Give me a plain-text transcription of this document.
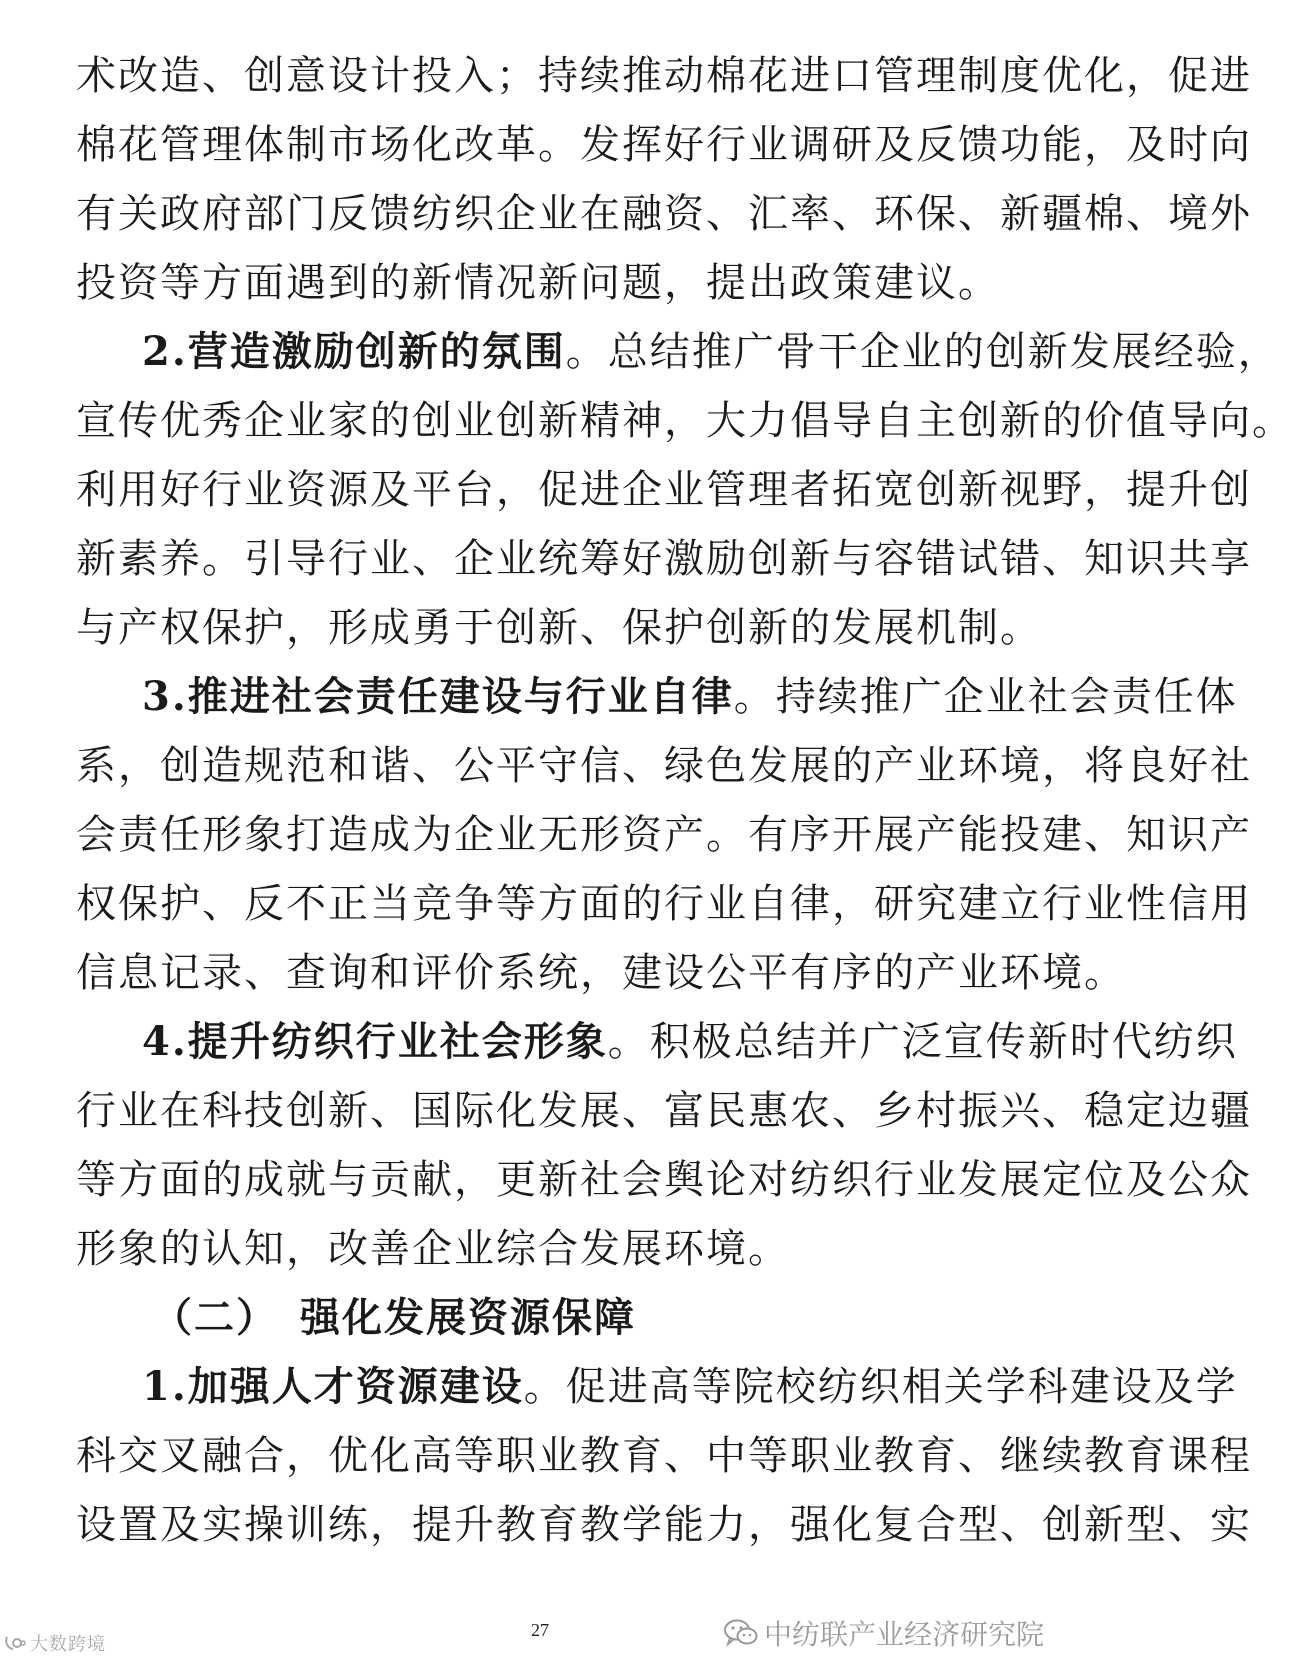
术改造、创意设计投入；持续推动棉花进口管理制度优化，促进
棉花管理体制市场化改革。发挥好行业调研及反馈功能，及时向
有关政府部门反馈纺织企业在融资、汇率、环保、新疆棉、境外
投资等方面遇到的新情况新问题，提出政策建议。
2.营造激励创新的氛围。总结推广骨干企业的创新发展经验，
宣传优秀企业家的创业创新精神，大力倡导自主创新的价值导向。
利用好行业资源及平台，促进企业管理者拓宽创新视野，提升创
新素养。引导行业、企业统筹好激励创新与容错试错、知识共享
与产权保护，形成勇于创新、保护创新的发展机制。
3.推进社会责任建设与行业自律。持续推广企业社会责任体
系，创造规范和谐、公平守信、绿色发展的产业环境，将良好社
会责任形象打造成为企业无形资产。有序开展产能投建、知识产
权保护、反不正当竞争等方面的行业自律，研究建立行业性信用
信息记录、查询和评价系统，建设公平有序的产业环境。
4.提升纺织行业社会形象。积极总结并广泛宣传新时代纺织
行业在科技创新、国际化发展、富民惠农、乡村振兴、稳定边疆
等方面的成就与贡献，更新社会舆论对纺织行业发展定位及公众
形象的认知，改善企业综合发展环境。
（二） 强化发展资源保障
1.加强人才资源建设。促进高等院校纺织相关学科建设及学
科交叉融合，优化高等职业教育、中等职业教育、继续教育课程
设置及实操训练，提升教育教学能力，强化复合型、创新型、实
27	中纺联产业经济研究院
大数跨境
